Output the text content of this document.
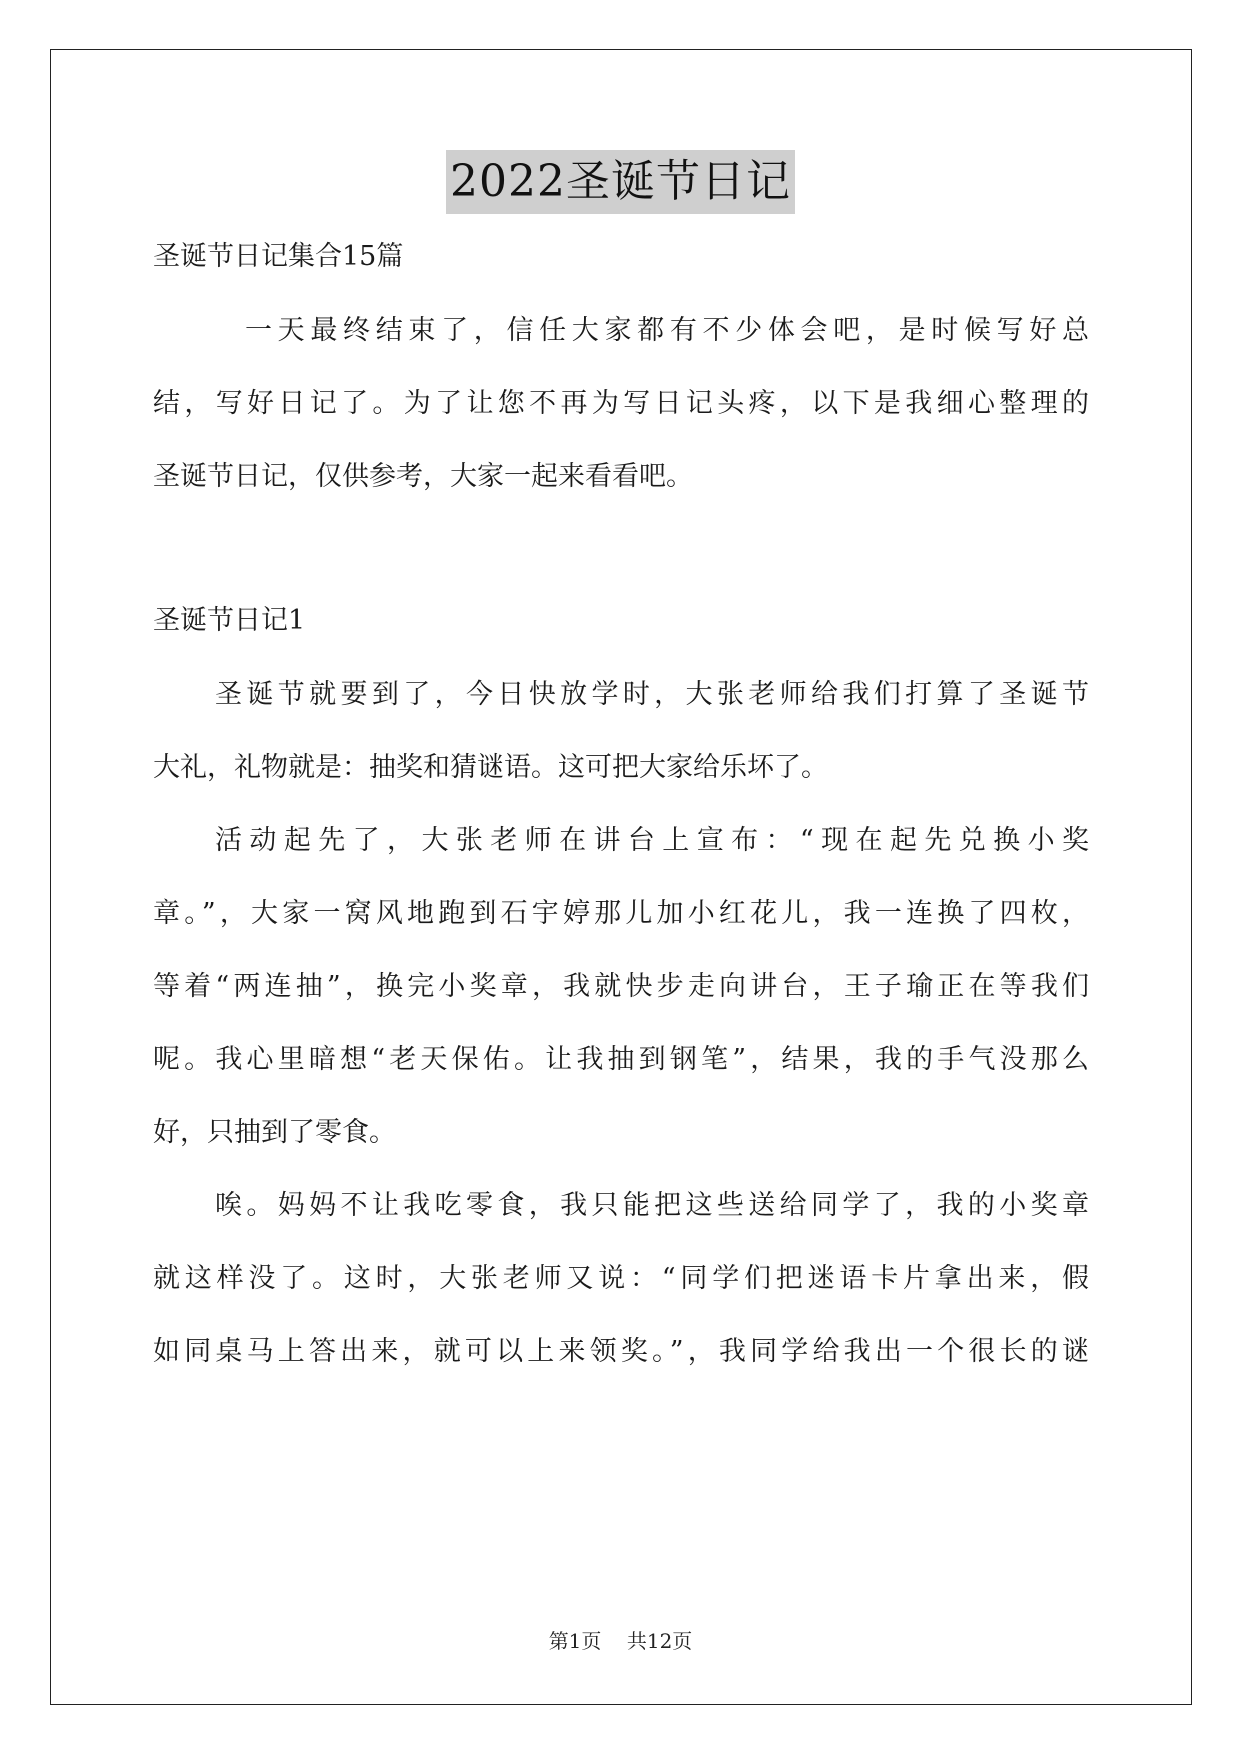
2022圣诞节日记
圣诞节日记集合15篇
一天最终结束了，信任大家都有不少体会吧，是时候写好总
结，写好日记了。为了让您不再为写日记头疼，以下是我细心整理的
圣诞节日记，仅供参考，大家一起来看看吧。
圣诞节日记1
圣诞节就要到了，今日快放学时，大张老师给我们打算了圣诞节
大礼，礼物就是：抽奖和猜谜语。这可把大家给乐坏了。
活动起先了，大张老师在讲台上宣布：“现在起先兑换小奖
章。”，大家一窝风地跑到石宇婷那儿加小红花儿，我一连换了四枚，
等着“两连抽”，换完小奖章，我就快步走向讲台，王子瑜正在等我们
呢。我心里暗想“老天保佑。让我抽到钢笔”，结果，我的手气没那么
好，只抽到了零食。
唉。妈妈不让我吃零食，我只能把这些送给同学了，我的小奖章
就这样没了。这时，大张老师又说：“同学们把迷语卡片拿出来，假
如同桌马上答出来，就可以上来领奖。”，我同学给我出一个很长的谜
第1页 共12页
